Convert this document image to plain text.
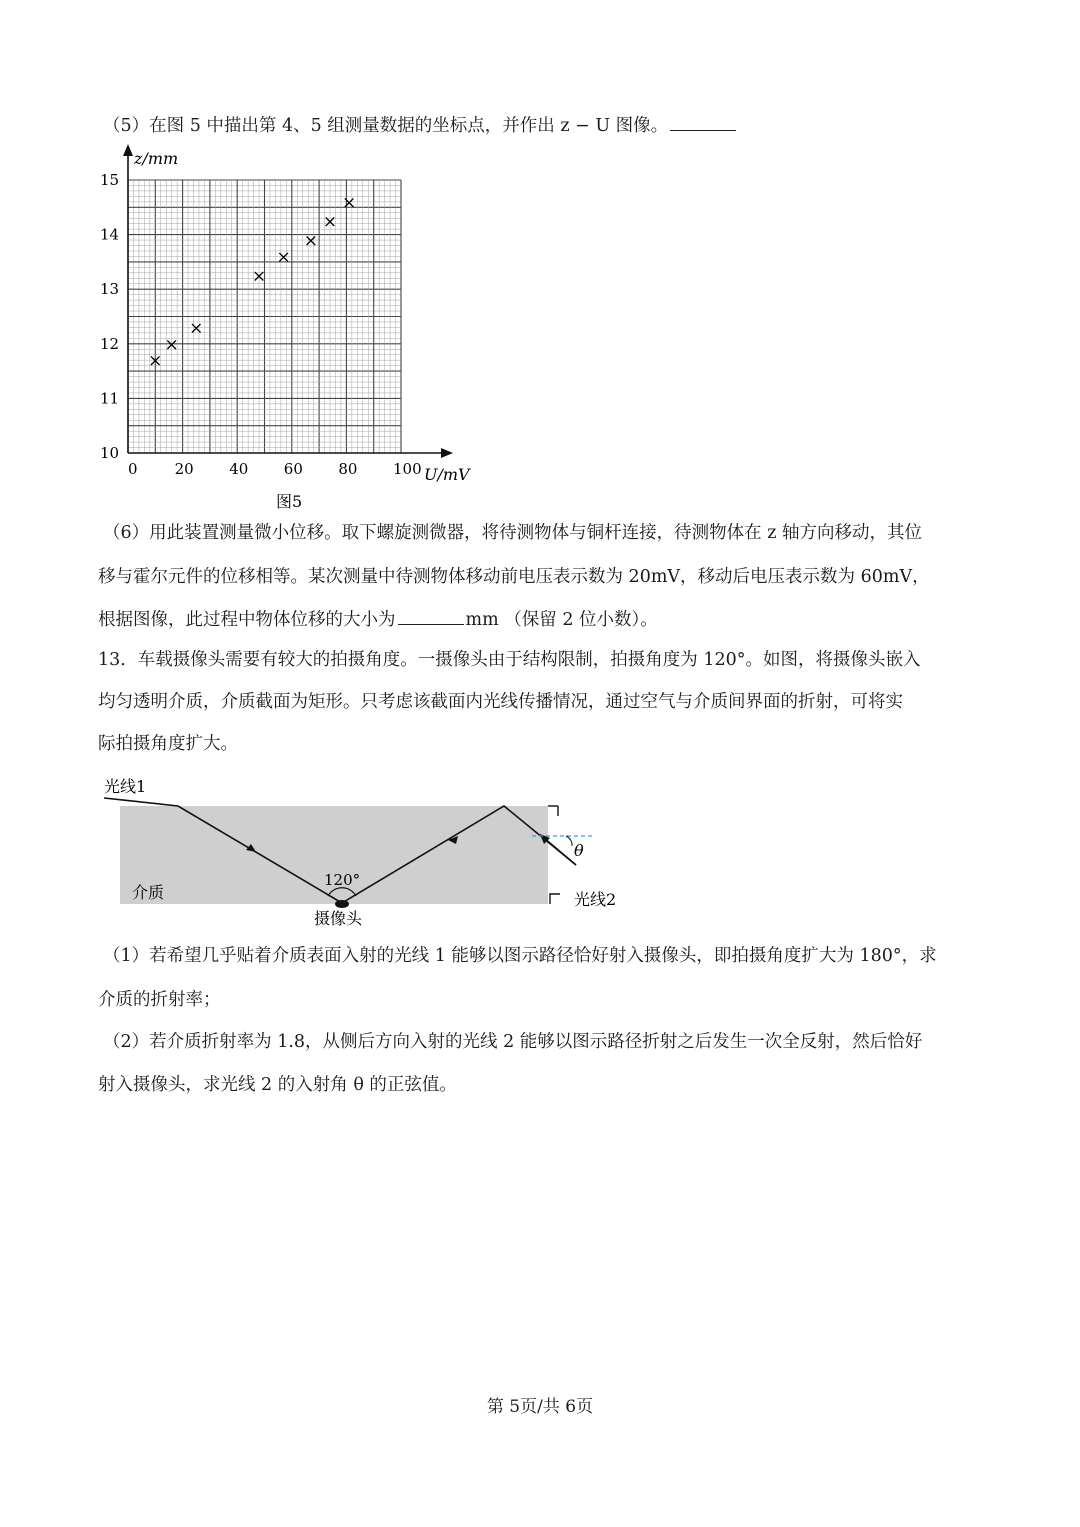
（5）在图 5 中描出第 4、5 组测量数据的坐标点，并作出 z − U 图像。
0 20 40 60 80 100
10
11
12
13
14
15
×
×
×
×
×
×
×
×
z/mm
U/mV
图5
（6）用此装置测量微小位移。取下螺旋测微器，将待测物体与铜杆连接，待测物体在 z 轴方向移动，其位
移与霍尔元件的位移相等。某次测量中待测物体移动前电压表示数为 20mV，移动后电压表示数为 60mV，
根据图像，此过程中物体位移的大小为	mm （保留 2 位小数）。
13．车载摄像头需要有较大的拍摄角度。一摄像头由于结构限制，拍摄角度为 120°。如图，将摄像头嵌入
均匀透明介质，介质截面为矩形。只考虑该截面内光线传播情况，通过空气与介质间界面的折射，可将实
际拍摄角度扩大。
光线1
介质
120°
摄像头
θ
光线2
（1）若希望几乎贴着介质表面入射的光线 1 能够以图示路径恰好射入摄像头，即拍摄角度扩大为 180°，求
介质的折射率；
（2）若介质折射率为 1.8，从侧后方向入射的光线 2 能够以图示路径折射之后发生一次全反射，然后恰好
射入摄像头，求光线 2 的入射角 θ 的正弦值。
第 5页/共 6页
